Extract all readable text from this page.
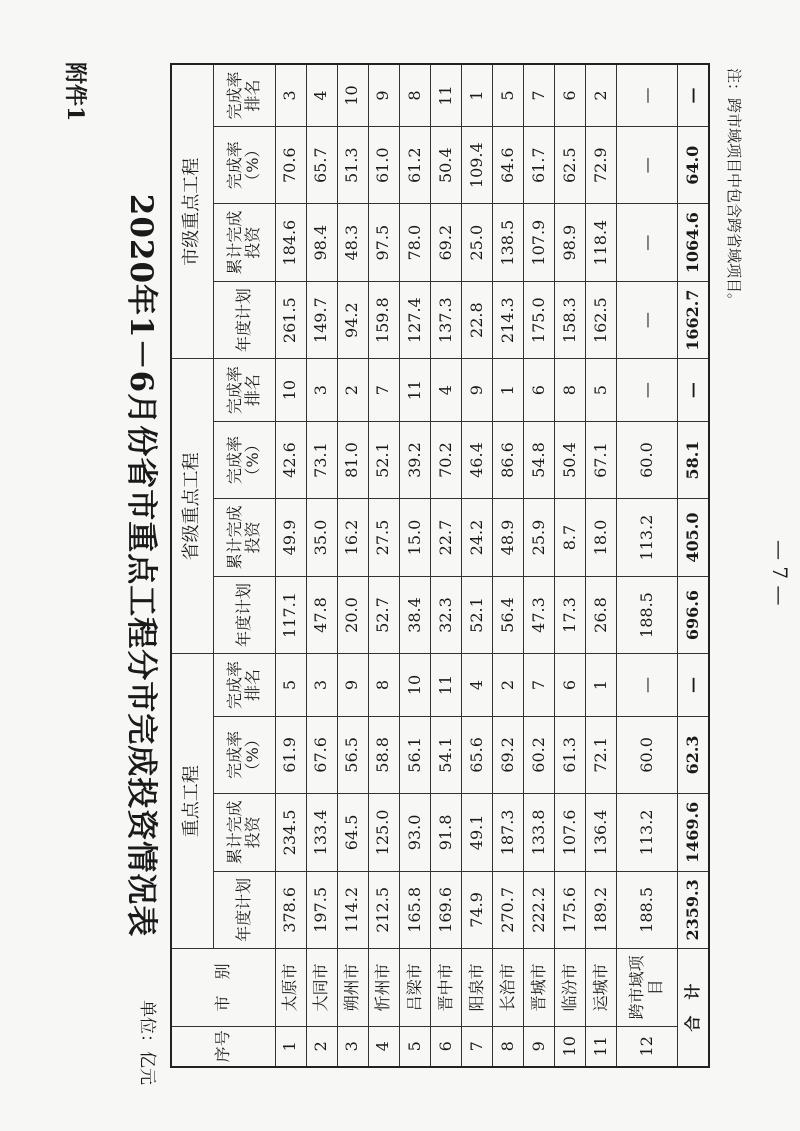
附件1
2020年1－6月份省市重点工程分市完成投资情况表
单位：亿元	序号	市　别	重点工程				省级重点工程				市级重点工程			
		年度计划	累计完成投资	完成率（%）	完成率排名	年度计划	累计完成投资	完成率（%）	完成率排名	年度计划	累计完成投资	完成率（%）	完成率排名
1	太原市	378.6	234.5	61.9	5	117.1	49.9	42.6	10	261.5	184.6	70.6	3
2	大同市	197.5	133.4	67.6	3	47.8	35.0	73.1	3	149.7	98.4	65.7	4
3	朔州市	114.2	64.5	56.5	9	20.0	16.2	81.0	2	94.2	48.3	51.3	10
4	忻州市	212.5	125.0	58.8	8	52.7	27.5	52.1	7	159.8	97.5	61.0	9
5	吕梁市	165.8	93.0	56.1	10	38.4	15.0	39.2	11	127.4	78.0	61.2	8
6	晋中市	169.6	91.8	54.1	11	32.3	22.7	70.2	4	137.3	69.2	50.4	11
7	阳泉市	74.9	49.1	65.6	4	52.1	24.2	46.4	9	22.8	25.0	109.4	1
8	长治市	270.7	187.3	69.2	2	56.4	48.9	86.6	1	214.3	138.5	64.6	5
9	晋城市	222.2	133.8	60.2	7	47.3	25.9	54.8	6	175.0	107.9	61.7	7
10	临汾市	175.6	107.6	61.3	6	17.3	8.7	50.4	8	158.3	98.9	62.5	6
11	运城市	189.2	136.4	72.1	1	26.8	18.0	67.1	5	162.5	118.4	72.9	2
12	跨市域项目	188.5	113.2	60.0	—	188.5	113.2	60.0	—	—	—	—	—
合　计		2359.3	1469.6	62.3	—	696.6	405.0	58.1	—	1662.7	1064.6	64.0	— 注：跨市域项目中包含跨省域项目。
— 7 —
